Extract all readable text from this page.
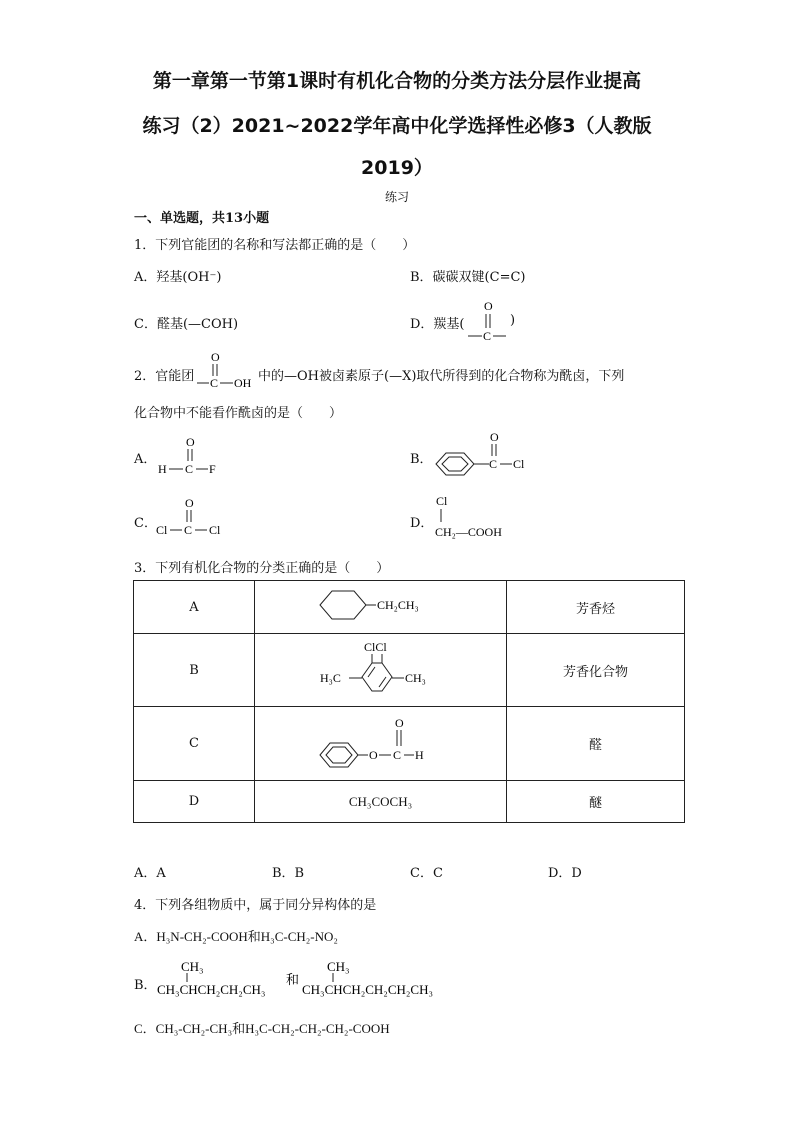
第一章第一节第1课时有机化合物的分类方法分层作业提高
练习（2）2021~2022学年高中化学选择性必修3（人教版
2019）
练习
一、单选题，共13小题
1．下列官能团的名称和写法都正确的是（　　）
A．羟基(OH⁻)	B．碳碳双键(C=C)
C．醛基(—COH)	D．羰基(
O
C
)
2．官能团
O
C OH 中的—OH被卤素原子(—X)取代所得到的化合物称为酰卤，下列
化合物中不能看作酰卤的是（　　）
A．
O
H C F
B．
O
C Cl
C．
O
Cl C Cl	D．
Cl
CH₂—COOH
3．下列有机化合物的分类正确的是（　　）
A	CH₂CH₃	芳香烃
B	ClCl
H₃C CH₃	芳香化合物
C	O
O
C H	醛
D	CH₃COCH₃	醚
A．A	B．B	C．C	D．D
4．下列各组物质中，属于同分异构体的是
A．H₃N-CH₂-COOH和H₃C-CH₂-NO₂
B．
CH₃
CH₃CHCH₂CH₂CH₃
和
CH₃
CH₃CHCH₂CH₂CH₂CH₃
C．CH₃-CH₂-CH₃和H₃C-CH₂-CH₂-CH₂-COOH
